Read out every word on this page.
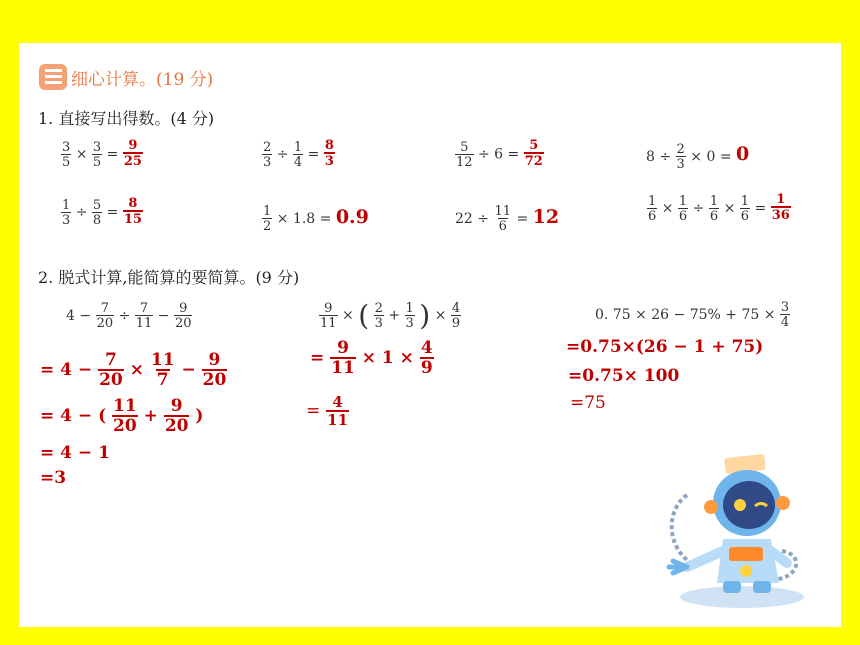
细心计算。(19 分)
1. 直接写出得数。(4 分)
$\frac{3}{5} \times \frac{3}{5} = \frac{9}{25}$	$\frac{2}{3} \div \frac{1}{4} = \frac{8}{3}$	$\frac{5}{12} \div 6 = \frac{5}{72}$	$8 \div \frac{2}{3} \times 0 = 0$
$\frac{1}{3} \div \frac{5}{8} = \frac{8}{15}$	$\frac{1}{2} \times 1.8 = 0.9$	$22 \div \frac{11}{6} = 12$	$\frac{1}{6} \times \frac{1}{6} \div \frac{1}{6} \times \frac{1}{6} = \frac{1}{36}$
2. 脱式计算,能简算的要简算。(9 分)
$4 - \frac{7}{20} \div \frac{7}{11} - \frac{9}{20}$
= $4 - \frac{7}{20} \times \frac{11}{7} - \frac{9}{20}$
= 4 − ( $\frac{11}{20} + \frac{9}{20}$ )
= 4 − 1
=3
$\frac{9}{11}$ × ( $\frac{2}{3} + \frac{1}{3}$ ) × $\frac{4}{9}$
= $\frac{9}{11} \times 1 \times \frac{4}{9}$
= $\frac{4}{11}$
0. $75 \times 26 - 75\% + 75 \times \frac{3}{4}$
=0.75×(26 − 1 + 75)
=0.75× 100
=75
